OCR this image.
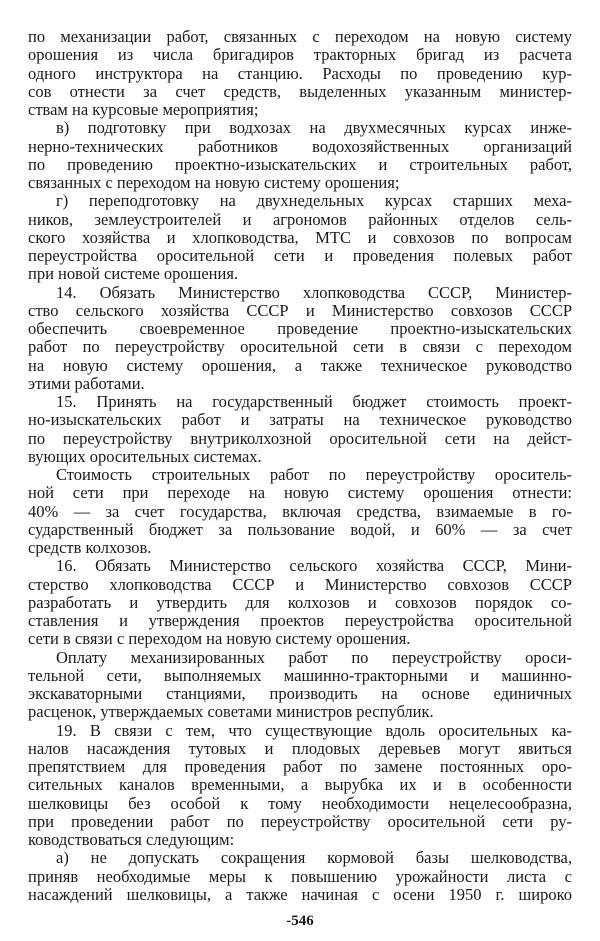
по механизации работ, связанных с переходом на новую систему
орошения из числа бригадиров тракторных бригад из расчета
одного инструктора на станцию. Расходы по проведению кур-
сов отнести за счет средств, выделенных указанным министер-
ствам на курсовые мероприятия;
в) подготовку при водхозах на двухмесячных курсах инже-
нерно-технических работников водохозяйственных организаций
по проведению проектно-изыскательских и строительных работ,
связанных с переходом на новую систему орошения;
г) переподготовку на двухнедельных курсах старших меха-
ников, землеустроителей и агрономов районных отделов сель-
ского хозяйства и хлопководства, МТС и совхозов по вопросам
переустройства оросительной сети и проведения полевых работ
при новой системе орошения.
14. Обязать Министерство хлопководства СССР, Министер-
ство сельского хозяйства СССР и Министерство совхозов СССР
обеспечить своевременное проведение проектно-изыскательских
работ по переустройству оросительной сети в связи с переходом
на новую систему орошения, а также техническое руководство
этими работами.
15. Принять на государственный бюджет стоимость проект-
но-изыскательских работ и затраты на техническое руководство
по переустройству внутриколхозной оросительной сети на дейст-
вующих оросительных системах.
Стоимость строительных работ по переустройству ороситель-
ной сети при переходе на новую систему орошения отнести:
40% — за счет государства, включая средства, взимаемые в го-
сударственный бюджет за пользование водой, и 60% — за счет
средств колхозов.
16. Обязать Министерство сельского хозяйства СССР, Мини-
стерство хлопководства СССР и Министерство совхозов СССР
разработать и утвердить для колхозов и совхозов порядок со-
ставления и утверждения проектов переустройства оросительной
сети в связи с переходом на новую систему орошения.
Оплату механизированных работ по переустройству ороси-
тельной сети, выполняемых машинно-тракторными и машинно-
экскаваторными станциями, производить на основе единичных
расценок, утверждаемых советами министров республик.
19. В связи с тем, что существующие вдоль оросительных ка-
налов насаждения тутовых и плодовых деревьев могут явиться
препятствием для проведения работ по замене постоянных оро-
сительных каналов временными, а вырубка их и в особенности
шелковицы без особой к тому необходимости нецелесообразна,
при проведении работ по переустройству оросительной сети ру-
ководствоваться следующим:
а) не допускать сокращения кормовой базы шелководства,
приняв необходимые меры к повышению урожайности листа с
насаждений шелковицы, а также начиная с осени 1950 г. широко
-546
